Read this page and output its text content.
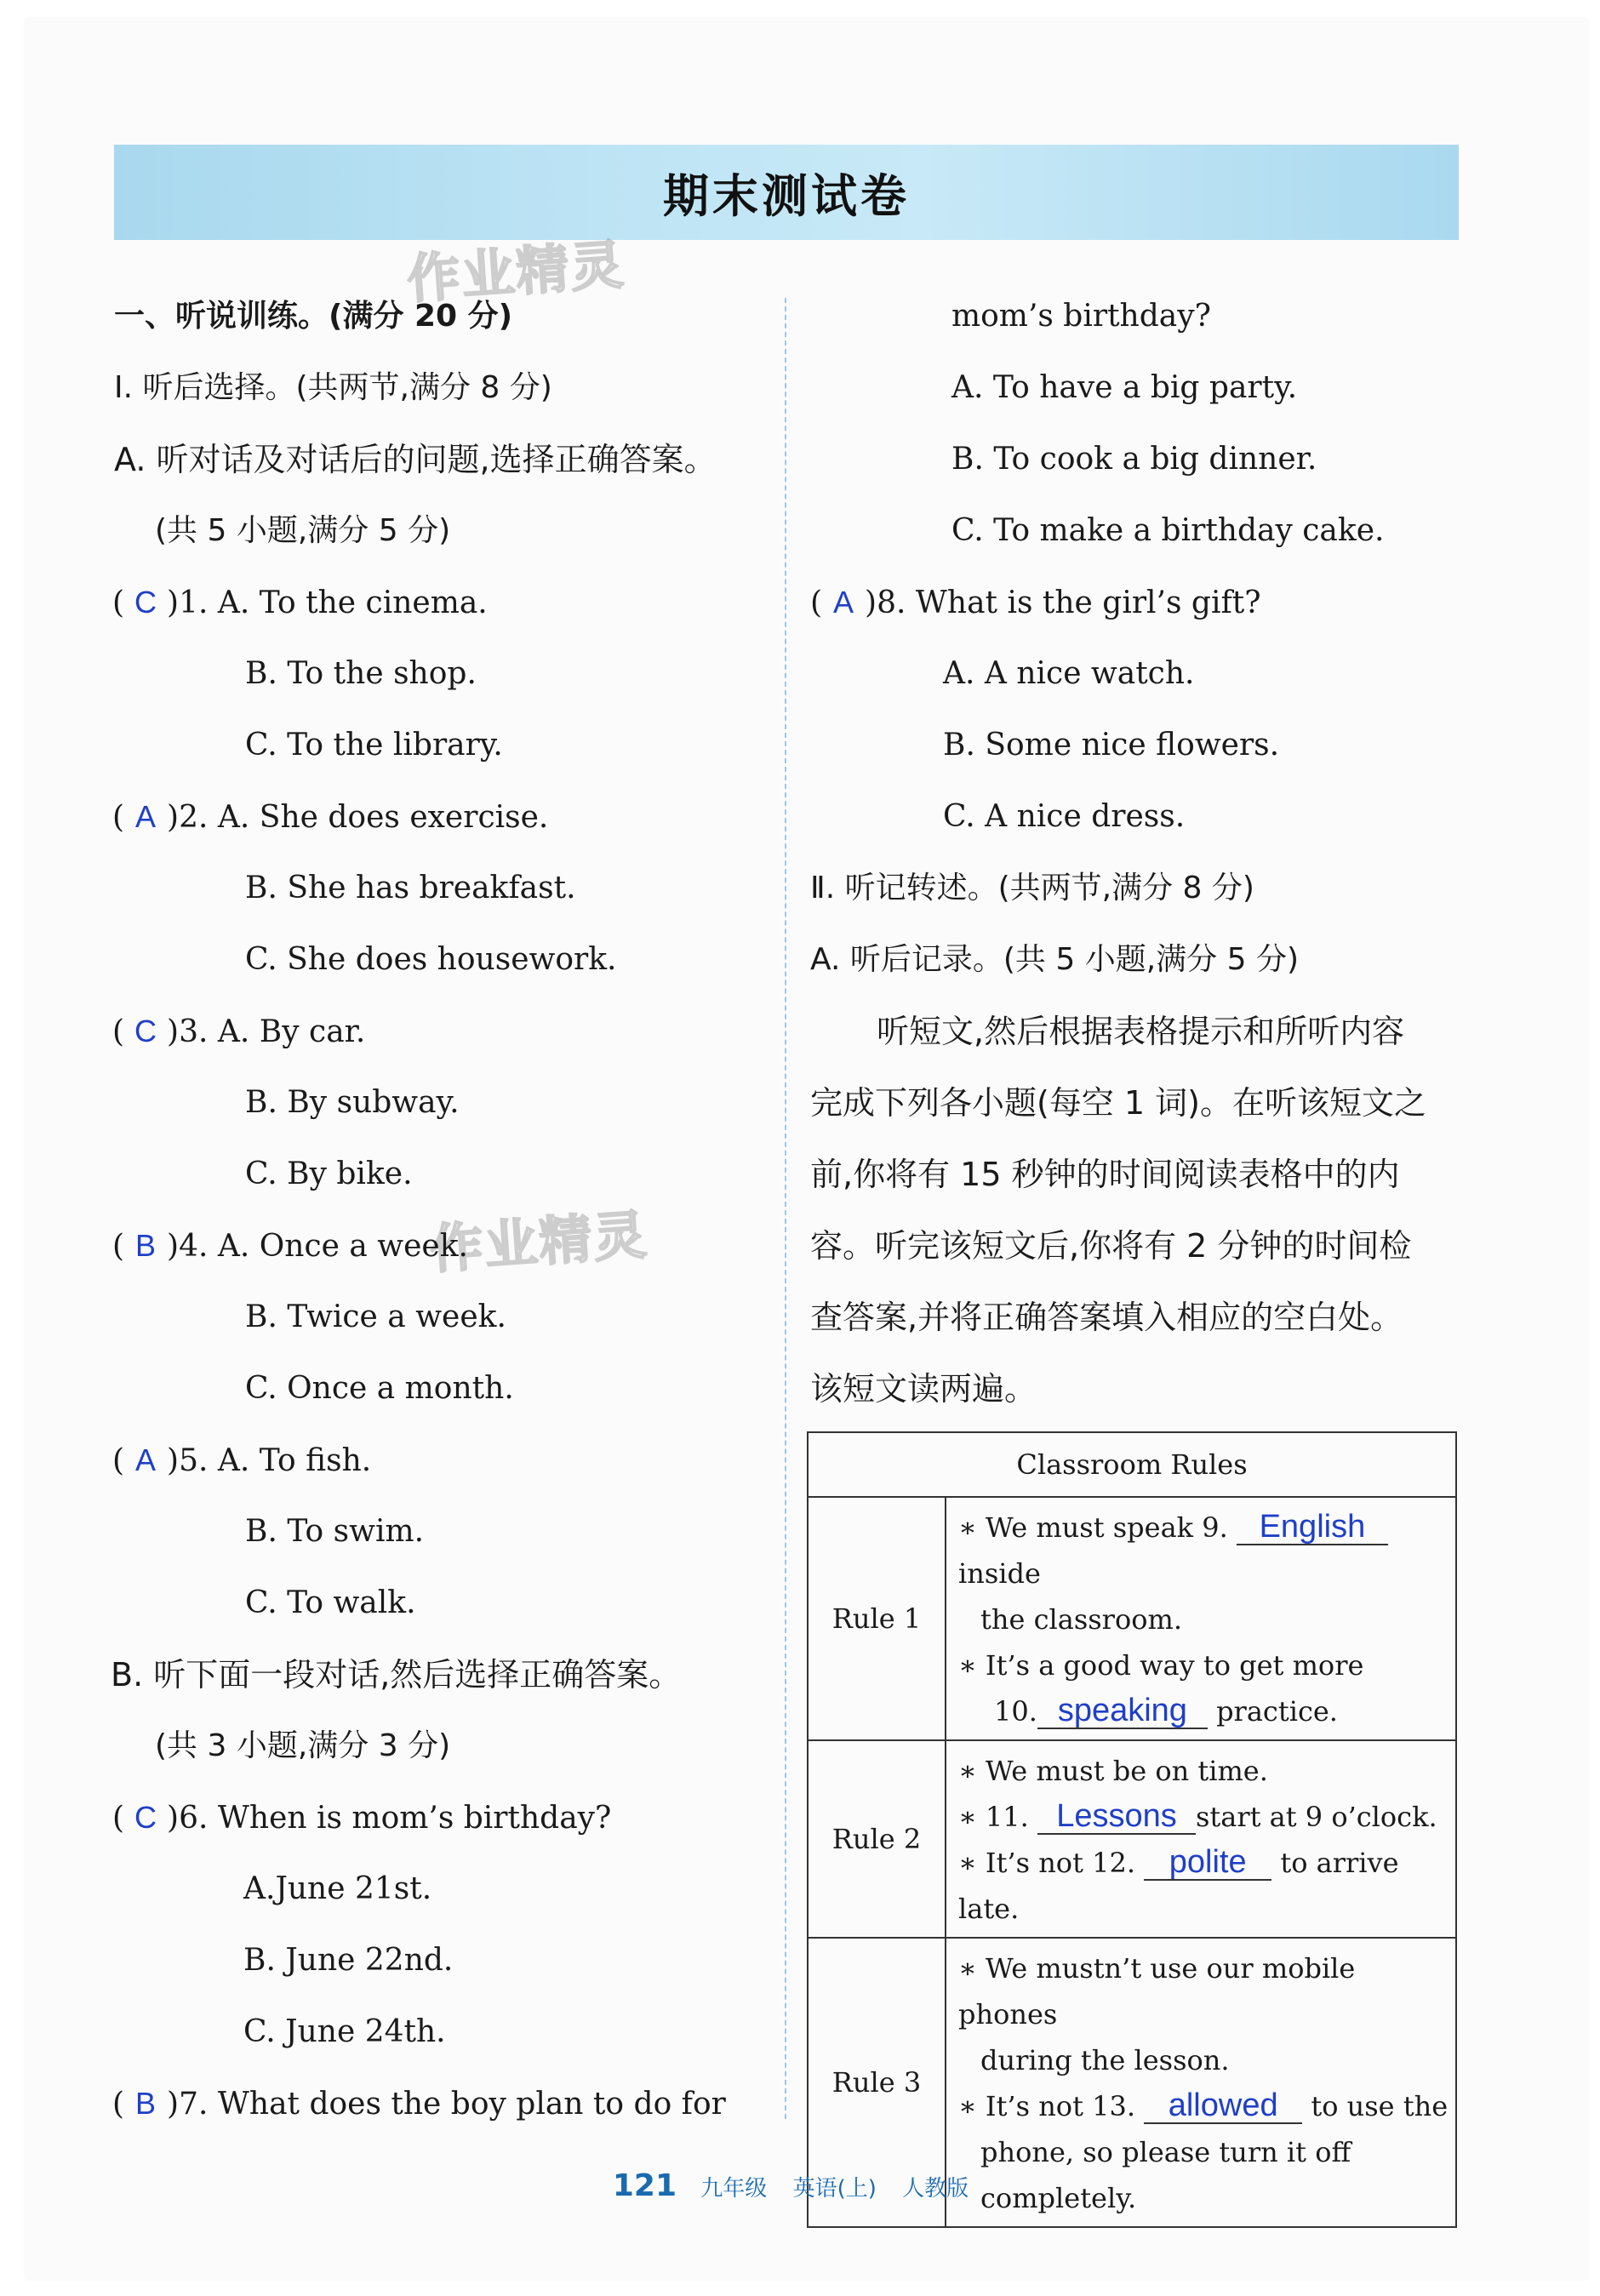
期末测试卷
作业精灵
作业精灵
一、听说训练。(满分 20 分)
Ⅰ. 听后选择。(共两节,满分 8 分)
A. 听对话及对话后的问题,选择正确答案。
(共 5 小题,满分 5 分)
( C )1. A. To the cinema.
B. To the shop.
C. To the library.
( A )2. A. She does exercise.
B. She has breakfast.
C. She does housework.
( C )3. A. By car.
B. By subway.
C. By bike.
( B )4. A. Once a week.
B. Twice a week.
C. Once a month.
( A )5. A. To fish.
B. To swim.
C. To walk.
B. 听下面一段对话,然后选择正确答案。
(共 3 小题,满分 3 分)
( C )6. When is mom’s birthday?
A.June 21st.
B. June 22nd.
C. June 24th.
( B )7. What does the boy plan to do for
mom’s birthday?
A. To have a big party.
B. To cook a big dinner.
C. To make a birthday cake.
( A )8. What is the girl’s gift?
A. A nice watch.
B. Some nice flowers.
C. A nice dress.
Ⅱ. 听记转述。(共两节,满分 8 分)
A. 听后记录。(共 5 小题,满分 5 分)
听短文,然后根据表格提示和所听内容
完成下列各小题(每空 1 词)。在听该短文之
前,你将有 15 秒钟的时间阅读表格中的内
容。听完该短文后,你将有 2 分钟的时间检
查答案,并将正确答案填入相应的空白处。
该短文读两遍。
Classroom Rules	
Rule 1	∗ We must speak 9. Englishinside
the classroom.
∗ It’s a good way to get more
10. speaking practice.

Rule 2	∗ We must be on time.
∗ 11. Lessons start at 9 o’clock.
∗ It’s not 12. polite to arrive late.

Rule 3	∗ We mustn’t use our mobile phones
during the lesson.
∗ It’s not 13. allowed to use the
phone, so please turn it off
completely.
121 九年级 英语(上) 人教版
